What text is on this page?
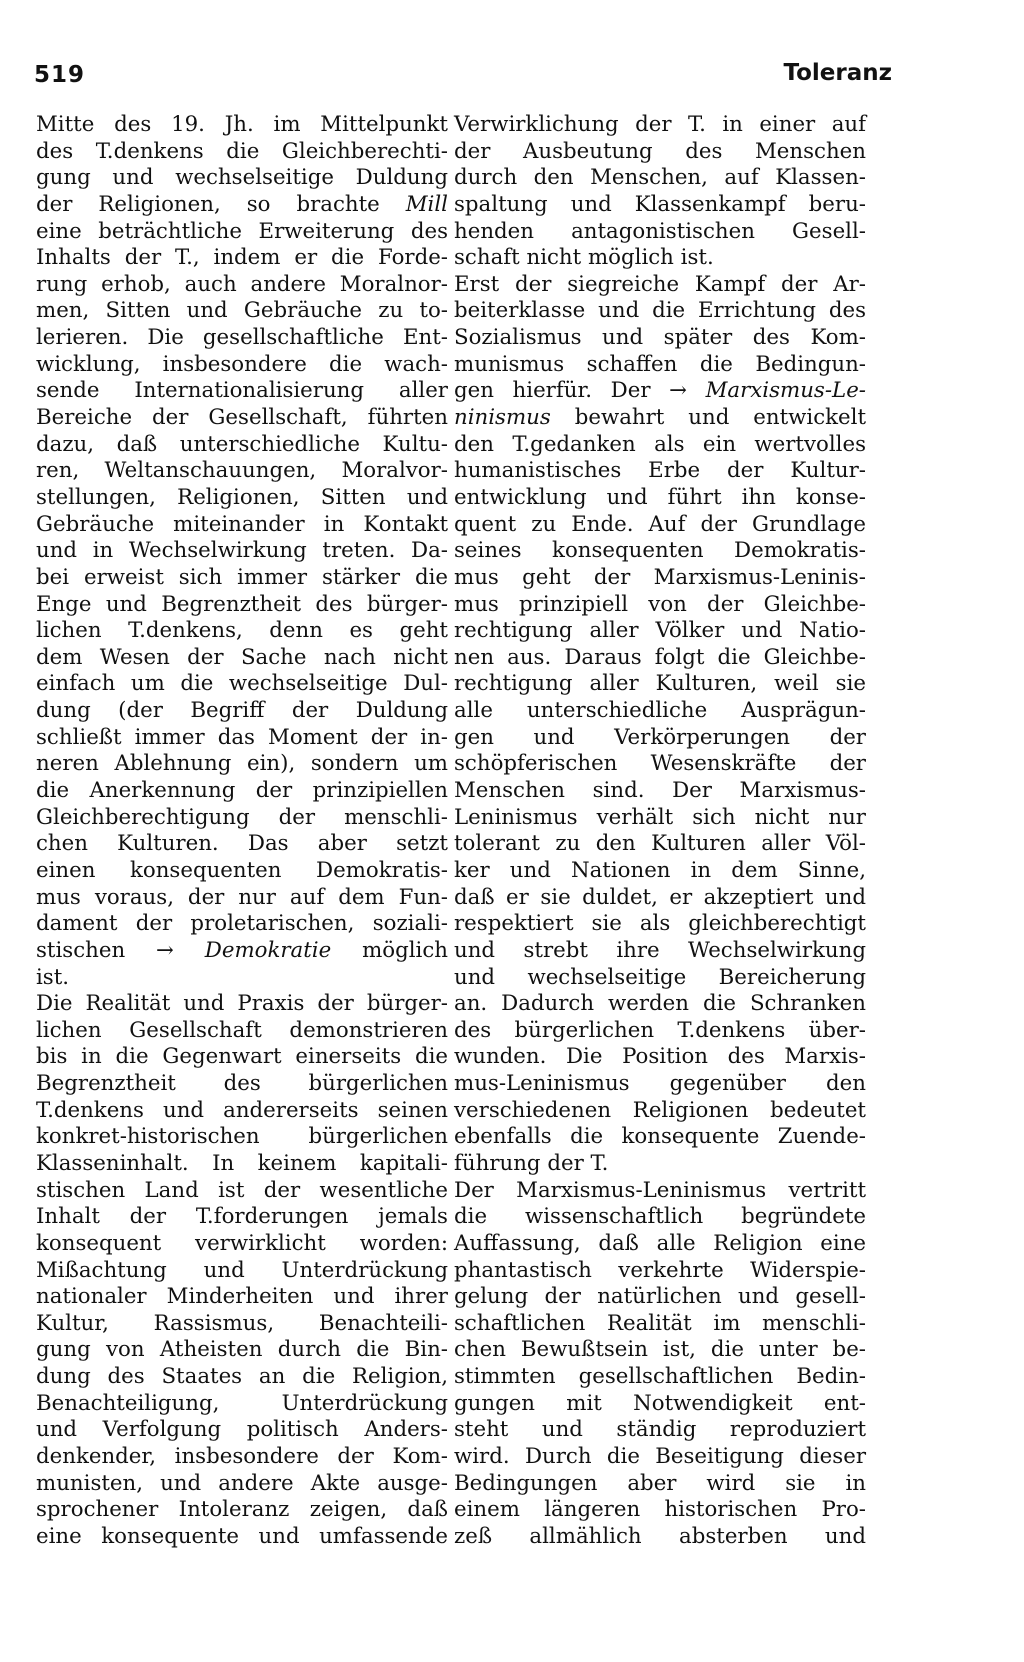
519	Toleranz
Mitte des 19. Jh. im Mittelpunkt
des T.denkens die Gleichberechti-
gung und wechselseitige Duldung
der Religionen, so brachte Mill
eine beträchtliche Erweiterung des
Inhalts der T., indem er die Forde-
rung erhob, auch andere Moralnor-
men, Sitten und Gebräuche zu to-
lerieren. Die gesellschaftliche Ent-
wicklung, insbesondere die wach-
sende Internationalisierung aller
Bereiche der Gesellschaft, führten
dazu, daß unterschiedliche Kultu-
ren, Weltanschauungen, Moralvor-
stellungen, Religionen, Sitten und
Gebräuche miteinander in Kontakt
und in Wechselwirkung treten. Da-
bei erweist sich immer stärker die
Enge und Begrenztheit des bürger-
lichen T.denkens, denn es geht
dem Wesen der Sache nach nicht
einfach um die wechselseitige Dul-
dung (der Begriff der Duldung
schließt immer das Moment der in-
neren Ablehnung ein), sondern um
die Anerkennung der prinzipiellen
Gleichberechtigung der menschli-
chen Kulturen. Das aber setzt
einen konsequenten Demokratis-
mus voraus, der nur auf dem Fun-
dament der proletarischen, soziali-
stischen → Demokratie möglich
ist.
Die Realität und Praxis der bürger-
lichen Gesellschaft demonstrieren
bis in die Gegenwart einerseits die
Begrenztheit des bürgerlichen
T.denkens und andererseits seinen
konkret-historischen bürgerlichen
Klasseninhalt. In keinem kapitali-
stischen Land ist der wesentliche
Inhalt der T.forderungen jemals
konsequent verwirklicht worden:
Mißachtung und Unterdrückung
nationaler Minderheiten und ihrer
Kultur, Rassismus, Benachteili-
gung von Atheisten durch die Bin-
dung des Staates an die Religion,
Benachteiligung, Unterdrückung
und Verfolgung politisch Anders-
denkender, insbesondere der Kom-
munisten, und andere Akte ausge-
sprochener Intoleranz zeigen, daß
eine konsequente und umfassende
Verwirklichung der T. in einer auf
der Ausbeutung des Menschen
durch den Menschen, auf Klassen-
spaltung und Klassenkampf beru-
henden antagonistischen Gesell-
schaft nicht möglich ist.
Erst der siegreiche Kampf der Ar-
beiterklasse und die Errichtung des
Sozialismus und später des Kom-
munismus schaffen die Bedingun-
gen hierfür. Der → Marxismus-Le-
ninismus bewahrt und entwickelt
den T.gedanken als ein wertvolles
humanistisches Erbe der Kultur-
entwicklung und führt ihn konse-
quent zu Ende. Auf der Grundlage
seines konsequenten Demokratis-
mus geht der Marxismus-Leninis-
mus prinzipiell von der Gleichbe-
rechtigung aller Völker und Natio-
nen aus. Daraus folgt die Gleichbe-
rechtigung aller Kulturen, weil sie
alle unterschiedliche Ausprägun-
gen und Verkörperungen der
schöpferischen Wesenskräfte der
Menschen sind. Der Marxismus-
Leninismus verhält sich nicht nur
tolerant zu den Kulturen aller Völ-
ker und Nationen in dem Sinne,
daß er sie duldet, er akzeptiert und
respektiert sie als gleichberechtigt
und strebt ihre Wechselwirkung
und wechselseitige Bereicherung
an. Dadurch werden die Schranken
des bürgerlichen T.denkens über-
wunden. Die Position des Marxis-
mus-Leninismus gegenüber den
verschiedenen Religionen bedeutet
ebenfalls die konsequente Zuende-
führung der T.
Der Marxismus-Leninismus vertritt
die wissenschaftlich begründete
Auffassung, daß alle Religion eine
phantastisch verkehrte Widerspie-
gelung der natürlichen und gesell-
schaftlichen Realität im menschli-
chen Bewußtsein ist, die unter be-
stimmten gesellschaftlichen Bedin-
gungen mit Notwendigkeit ent-
steht und ständig reproduziert
wird. Durch die Beseitigung dieser
Bedingungen aber wird sie in
einem längeren historischen Pro-
zeß allmählich absterben und
